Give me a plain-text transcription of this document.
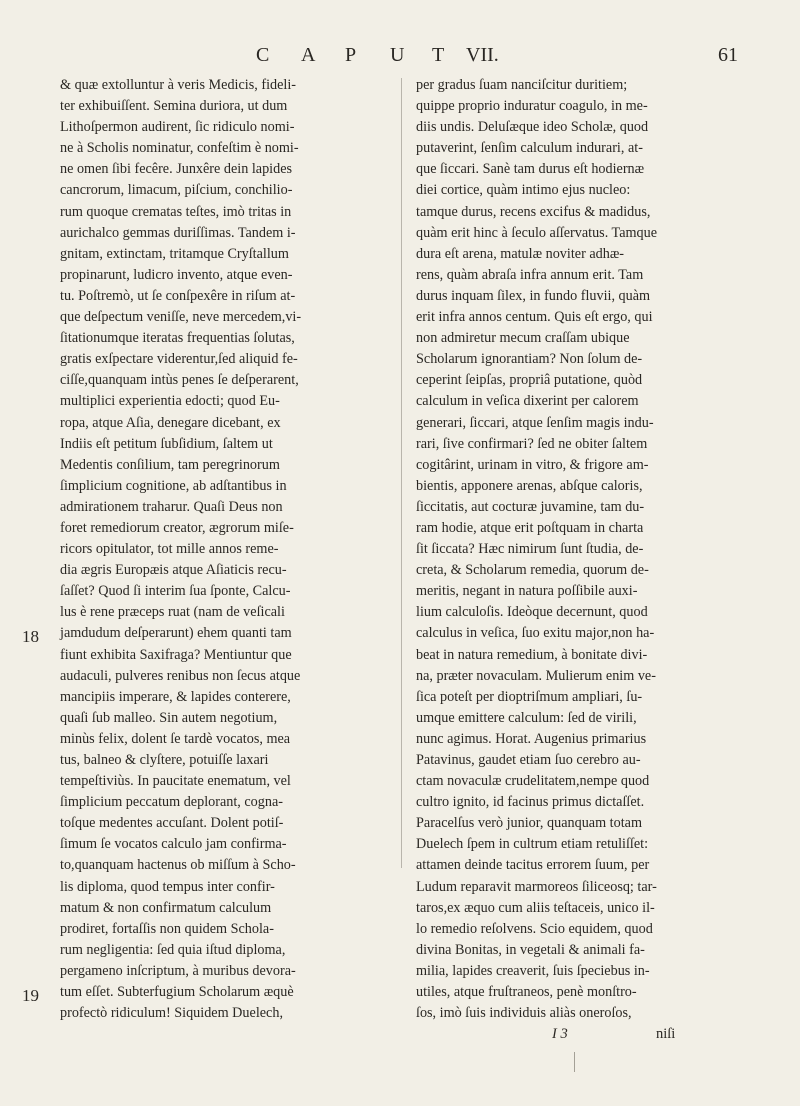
C A P U T VII.	61
& quæ extolluntur à veris Medicis, fideli-
ter exhibuiſſent. Semina duriora, ut dum
Lithoſpermon audirent, ſic ridiculo nomi-
ne à Scholis nominatur, confeſtim è nomi-
ne omen ſibi fecêre. Junxêre dein lapides
cancrorum, limacum, piſcium, conchilio-
rum quoque crematas teſtes, imò tritas in
aurichalco gemmas duriſſimas. Tandem i-
gnitam, extinctam, tritamque Cryſtallum
propinarunt, ludicro invento, atque even-
tu. Poſtremò, ut ſe conſpexêre in riſum at-
que deſpectum veniſſe, neve mercedem,vi-
ſitationumque iteratas frequentias ſolutas,
gratis exſpectare viderentur,ſed aliquid fe-
ciſſe,quanquam intùs penes ſe deſperarent,
multiplici experientia edocti; quod Eu-
ropa, atque Aſia, denegare dicebant, ex
Indiis eſt petitum ſubſidium, ſaltem ut
Medentis conſilium, tam peregrinorum
ſimplicium cognitione, ab adſtantibus in
admirationem traharur. Quaſi Deus non
foret remediorum creator, ægrorum miſe-
ricors opitulator, tot mille annos reme-
dia ægris Europæis atque Aſiaticis recu-
ſaſſet? Quod ſi interim ſua ſponte, Calcu-
lus è rene præceps ruat (nam de veſicali
jamdudum deſperarunt) ehem quanti tam
fiunt exhibita Saxifraga? Mentiuntur que
audaculi, pulveres renibus non ſecus atque
mancipiis imperare, & lapides conterere,
quaſi ſub malleo. Sin autem negotium,
minùs felix, dolent ſe tardè vocatos, mea
tus, balneo & clyſtere, potuiſſe laxari
tempeſtiviùs. In paucitate enematum, vel
ſimplicium peccatum deplorant, cogna-
toſque medentes accuſant. Dolent potiſ-
ſimum ſe vocatos calculo jam confirma-
to,quanquam hactenus ob miſſum à Scho-
lis diploma, quod tempus inter confir-
matum & non confirmatum calculum
prodiret, fortaſſis non quidem Schola-
rum negligentia: ſed quia iſtud diploma,
pergameno inſcriptum, à muribus devora-
tum eſſet. Subterfugium Scholarum æquè
profectò ridiculum! Siquidem Duelech,
per gradus ſuam nanciſcitur duritiem;
quippe proprio induratur coagulo, in me-
diis undis. Deluſæque ideo Scholæ, quod
putaverint, ſenſim calculum indurari, at-
que ſiccari. Sanè tam durus eſt hodiernæ
diei cortice, quàm intimo ejus nucleo:
tamque durus, recens excifus & madidus,
quàm erit hinc à ſeculo aſſervatus. Tamque
dura eſt arena, matulæ noviter adhæ-
rens, quàm abraſa infra annum erit. Tam
durus inquam ſilex, in fundo fluvii, quàm
erit infra annos centum. Quis eſt ergo, qui
non admiretur mecum craſſam ubique
Scholarum ignorantiam? Non ſolum de-
ceperint ſeipſas, propriâ putatione, quòd
calculum in veſica dixerint per calorem
generari, ſiccari, atque ſenſim magis indu-
rari, ſive confirmari? ſed ne obiter ſaltem
cogitârint, urinam in vitro, & frigore am-
bientis, apponere arenas, abſque caloris,
ſiccitatis, aut cocturæ juvamine, tam du-
ram hodie, atque erit poſtquam in charta
ſit ſiccata? Hæc nimirum ſunt ſtudia, de-
creta, & Scholarum remedia, quorum de-
meritis, negant in natura poſſibile auxi-
lium calculoſis. Ideòque decernunt, quod
calculus in veſica, ſuo exitu major,non ha-
beat in natura remedium, à bonitate divi-
na, præter novaculam. Mulierum enim ve-
ſica poteſt per dioptriſmum ampliari, ſu-
umque emittere calculum: ſed de virili,
nunc agimus. Horat. Augenius primarius
Patavinus, gaudet etiam ſuo cerebro au-
ctam novaculæ crudelitatem,nempe quod
cultro ignito, id facinus primus dictaſſet.
Paracelſus verò junior, quanquam totam
Duelech ſpem in cultrum etiam retuliſſet:
attamen deinde tacitus errorem ſuum, per
Ludum reparavit marmoreos ſiliceosq; tar-
taros,ex æquo cum aliis teſtaceis, unico il-
lo remedio reſolvens. Scio equidem, quod
divina Bonitas, in vegetali & animali fa-
milia, lapides creaverit, ſuis ſpeciebus in-
utiles, atque fruſtraneos, penè monſtro-
ſos, imò ſuis individuis aliàs oneroſos,
18
19
I 3	niſi
